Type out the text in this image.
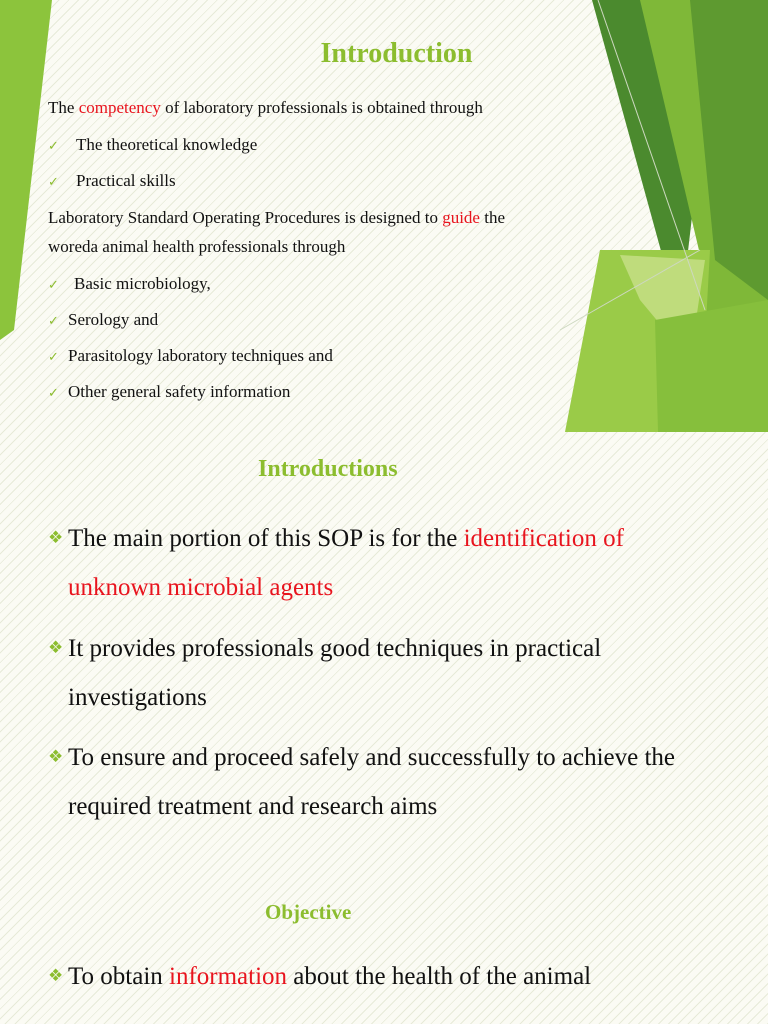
Introduction
The competency of laboratory professionals is obtained through
✓ The theoretical knowledge
✓ Practical skills
Laboratory Standard Operating Procedures is designed to guide the
woreda animal health professionals through
✓ Basic microbiology,
✓ Serology and
✓ Parasitology laboratory techniques and
✓ Other general safety information
Introductions
❖ The main portion of this SOP is for the identification of
unknown microbial agents
❖ It provides professionals good techniques in practical
investigations
❖ To ensure and proceed safely and successfully to achieve the
required treatment and research aims
Objective
❖ To obtain information about the health of the animal
